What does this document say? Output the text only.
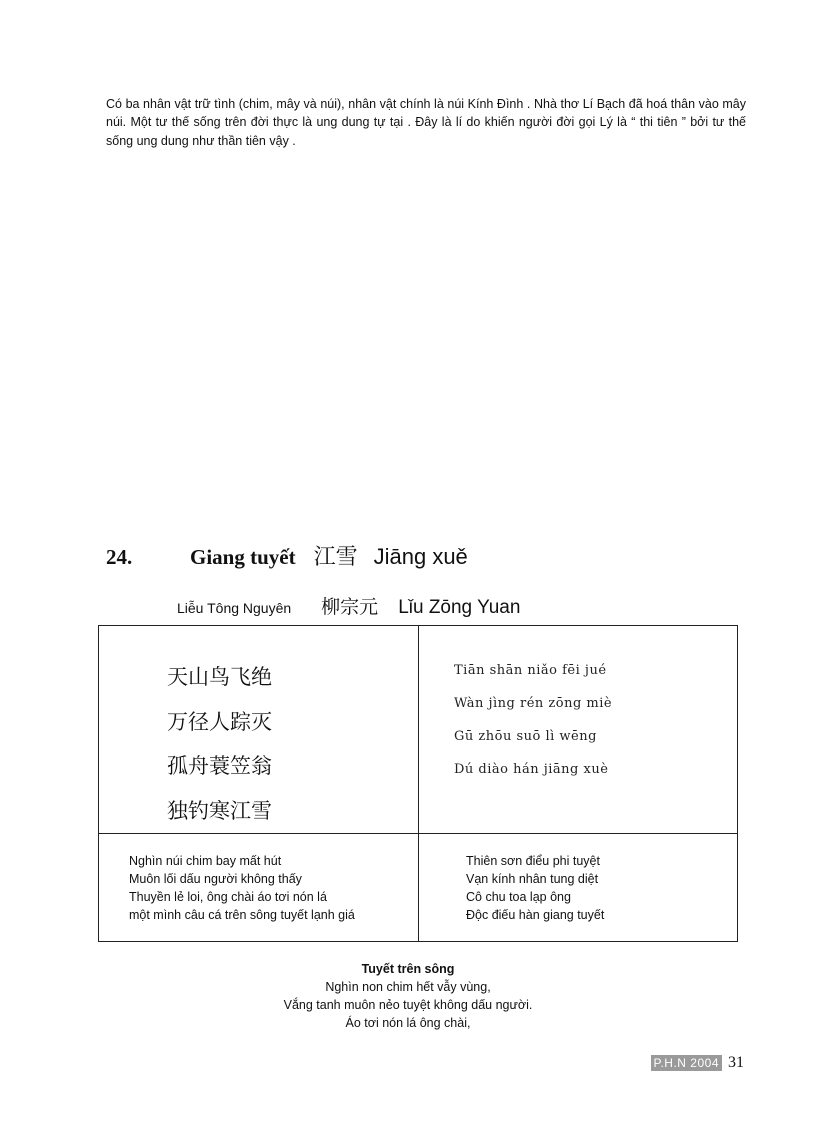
Có ba nhân vật trữ tình (chim, mây và núi), nhân vật chính là núi Kính Đình . Nhà thơ Lí Bạch đã hoá thân vào mây núi. Một tư thế sống trên đời thực là ung dung tự tại . Đây là lí do khiến người đời gọi Lý là “ thi tiên ” bởi tư thế sống ung dung như thần tiên vậy .

24.	Giang tuyết 江雪 Jiāng xuě
Liễu Tông Nguyên 柳宗元 Lǐu Zōng Yuan
天山鸟飞绝
万径人踪灭
孤舟蓑笠翁
独钓寒江雪
Tiān shān niǎo fēi jué
Wàn jìng rén zōng miè
Gū zhōu suō lì wēng
Dú diào hán jiāng xuè
Nghìn núi chim bay mất hút
Muôn lối dấu người không thấy
Thuyền lẻ loi, ông chài áo tơi nón lá
một mình câu cá trên sông tuyết lạnh giá
Thiên sơn điểu phi tuyệt
Vạn kính nhân tung diệt
Cô chu toa lạp ông
Độc điếu hàn giang tuyết
Tuyết trên sông
Nghìn non chim hết vẫy vùng,
Vắng tanh muôn nẻo tuyệt không dấu người.
Áo tơi nón lá ông chài,
P.H.N 2004 31
